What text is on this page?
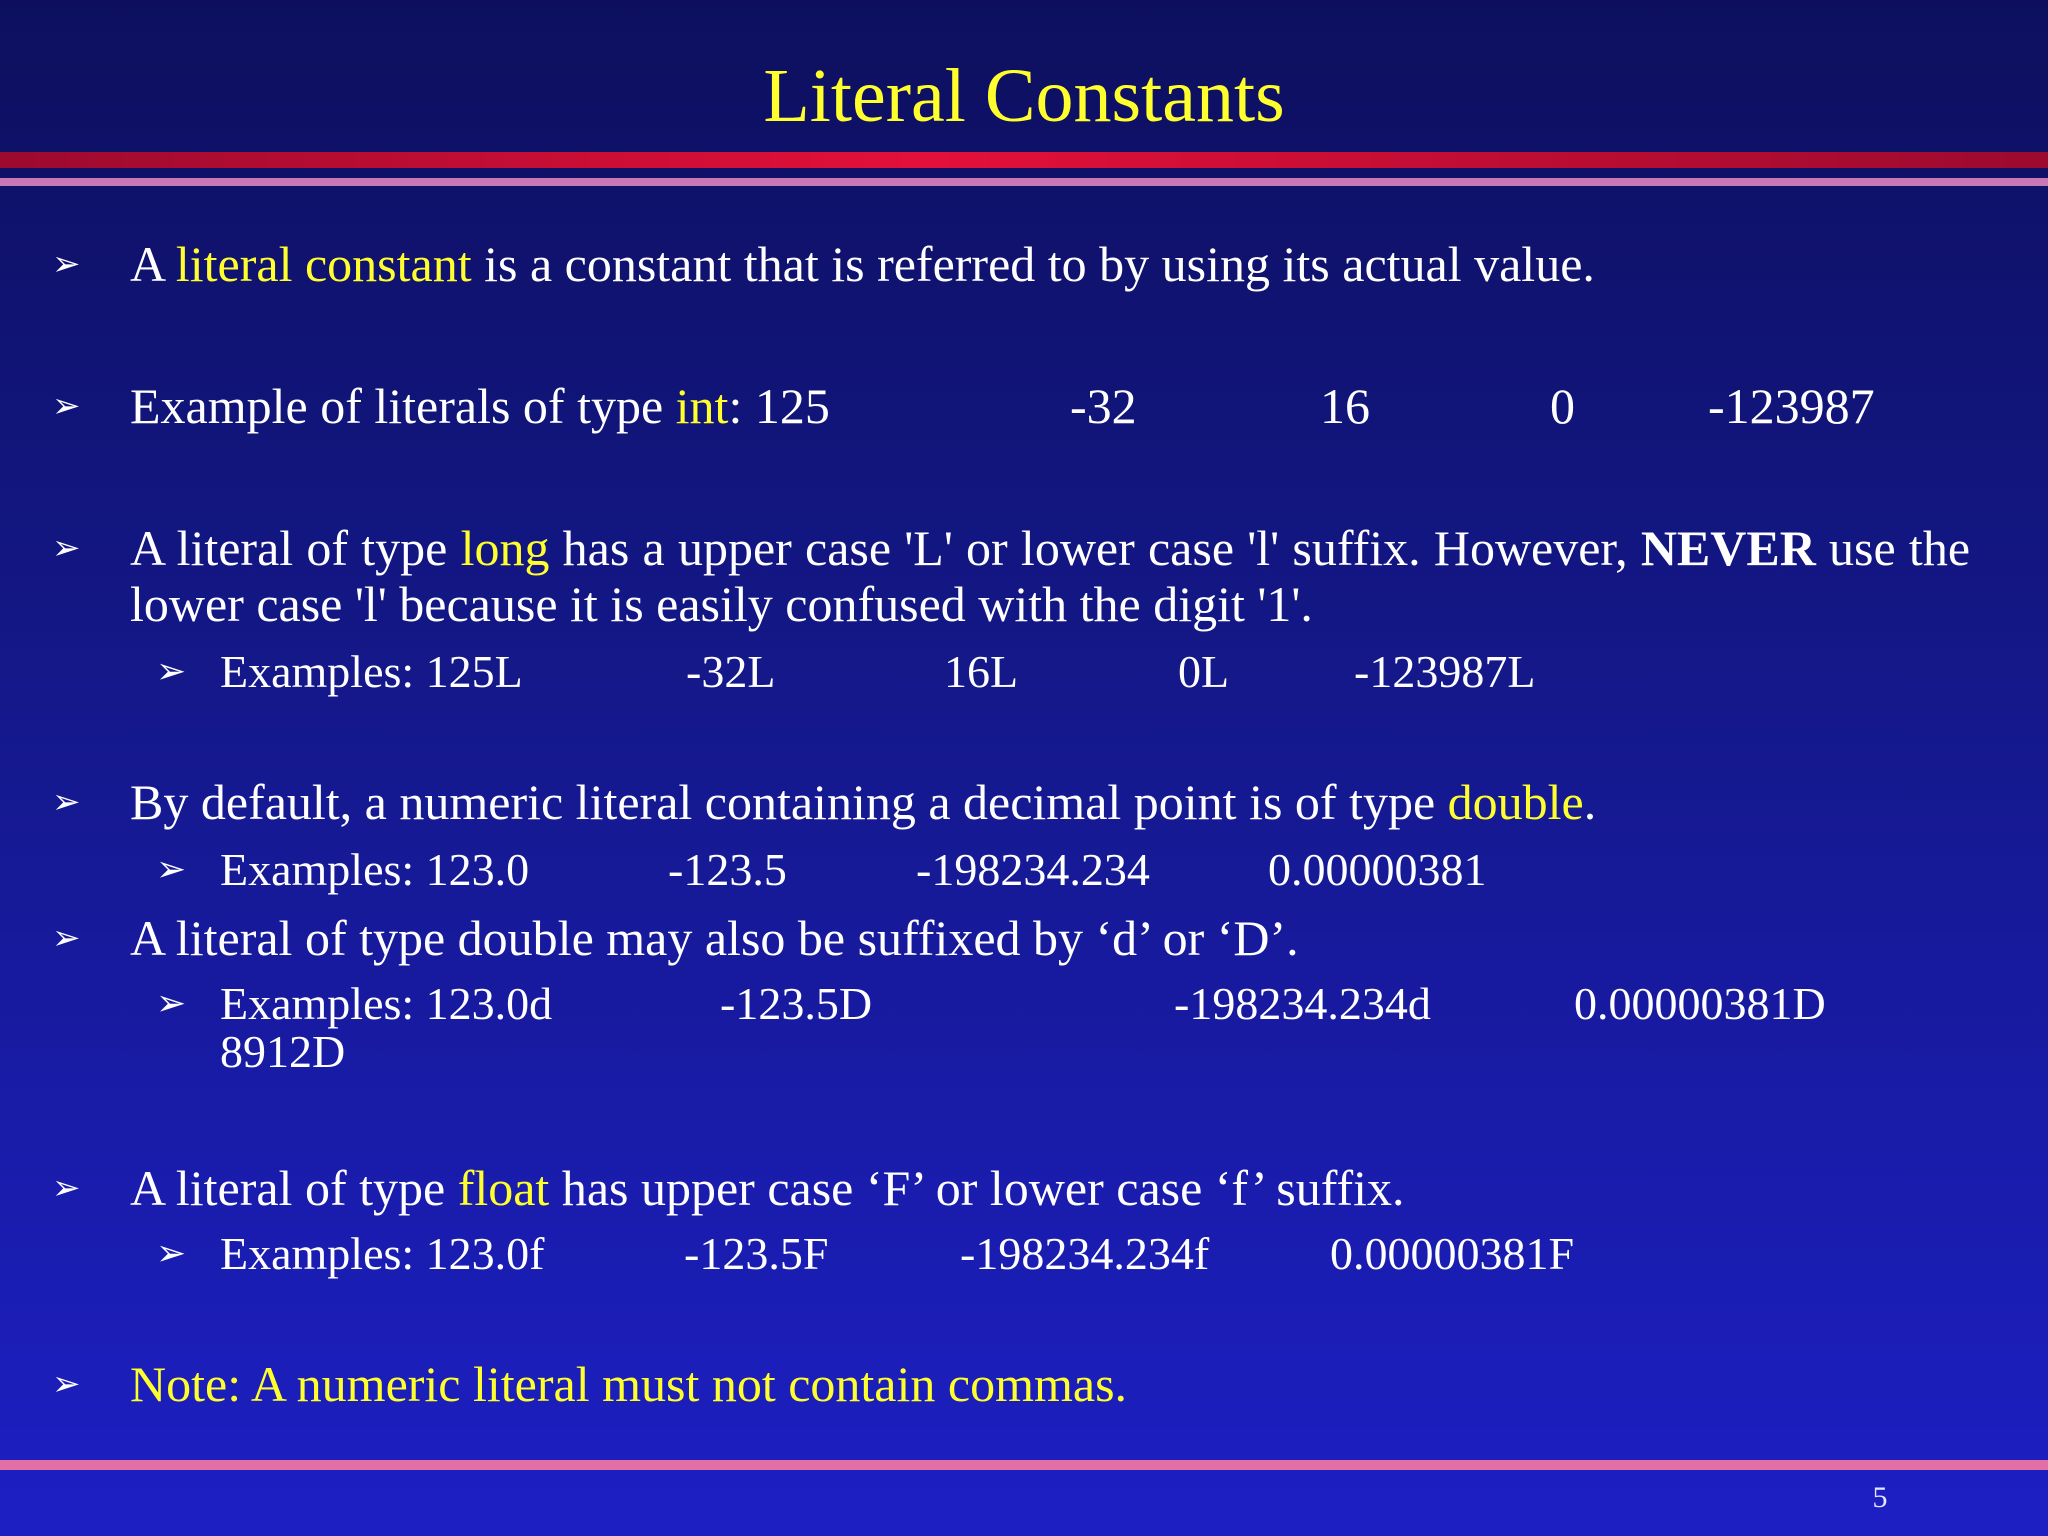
Literal Constants
➢ A literal constant is a constant that is referred to by using its actual value.
➢ Example of literals of type int: 125	-32	16	0	-123987
➢ A literal of type long has a upper case 'L' or lower case 'l' suffix. However, NEVER use the lower case 'l' because it is easily confused with the digit '1'.
➢ Examples: 125L	-32L	16L	0L	-123987L
➢ By default, a numeric literal containing a decimal point is of type double.
➢ Examples: 123.0	-123.5	-198234.234	0.00000381
➢ A literal of type double may also be suffixed by ‘d’ or ‘D’.
➢ Examples: 123.0d	-123.5D	-198234.234d	0.00000381D
8912D
➢ A literal of type float has upper case ‘F’ or lower case ‘f’ suffix.
➢ Examples: 123.0f	-123.5F	-198234.234f	0.00000381F
➢ Note: A numeric literal must not contain commas.
5
